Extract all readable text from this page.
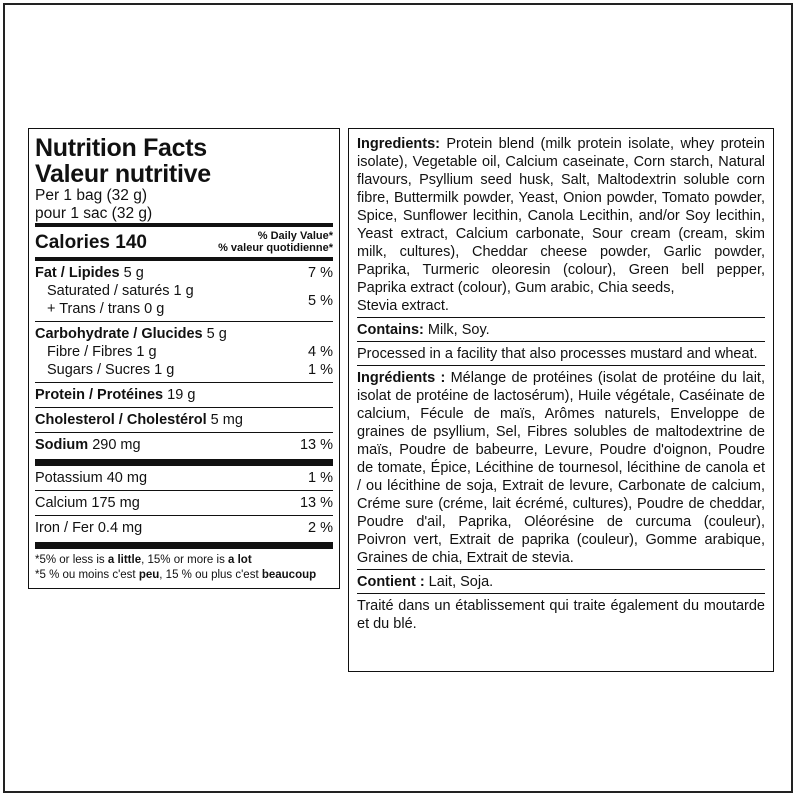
Nutrition Facts
Valeur nutritive
Per 1 bag (32 g)
pour 1 sac (32 g)
Calories 140	% Daily Value*
% valeur quotidienne*
Fat / Lipides 5 g	7 %
Saturated / saturés 1 g
+ Trans / trans 0 g	5 %
Carbohydrate / Glucides 5 g
Fibre / Fibres 1 g	4 %
Sugars / Sucres 1 g	1 %
Protein / Protéines 19 g
Cholesterol / Cholestérol 5 mg
Sodium 290 mg	13 %
Potassium 40 mg	1 %
Calcium 175 mg	13 %
Iron / Fer 0.4 mg	2 %
*5% or less is a little, 15% or more is a lot
*5 % ou moins c'est peu, 15 % ou plus c'est beaucoup

Ingredients: Protein blend (milk protein isolate, whey protein isolate), Vegetable oil, Calcium caseinate, Corn starch, Natural flavours, Psyllium seed husk, Salt, Maltodextrin soluble corn fibre, Buttermilk powder, Yeast, Onion powder, Tomato powder, Spice, Sunflower lecithin, Canola Lecithin, and/or Soy lecithin, Yeast extract, Calcium carbonate, Sour cream (cream, skim milk, cultures), Cheddar cheese powder, Garlic powder, Paprika, Turmeric oleoresin (colour), Green bell pepper, Paprika extract (colour), Gum arabic, Chia seeds,

Stevia extract.

Contains: Milk, Soy.

Processed in a facility that also processes mustard and wheat.

Ingrédients : Mélange de protéines (isolat de protéine du lait, isolat de protéine de lactosérum), Huile végétale, Caséinate de calcium, Fécule de maïs, Arômes naturels, Enveloppe de graines de psyllium, Sel, Fibres solubles de maltodextrine de maïs, Poudre de babeurre, Levure, Poudre d'oignon, Poudre de tomate, Épice, Lécithine de tournesol, lécithine de canola et / ou lécithine de soja, Extrait de levure, Carbonate de calcium, Créme sure (créme, lait écrémé, cultures), Poudre de cheddar, Poudre d'ail, Paprika, Oléorésine de curcuma (couleur), Poivron vert, Extrait de paprika (couleur), Gomme arabique, Graines de chia, Extrait de stevia.

Contient : Lait, Soja.

Traité dans un établissement qui traite également du moutarde et du blé.
